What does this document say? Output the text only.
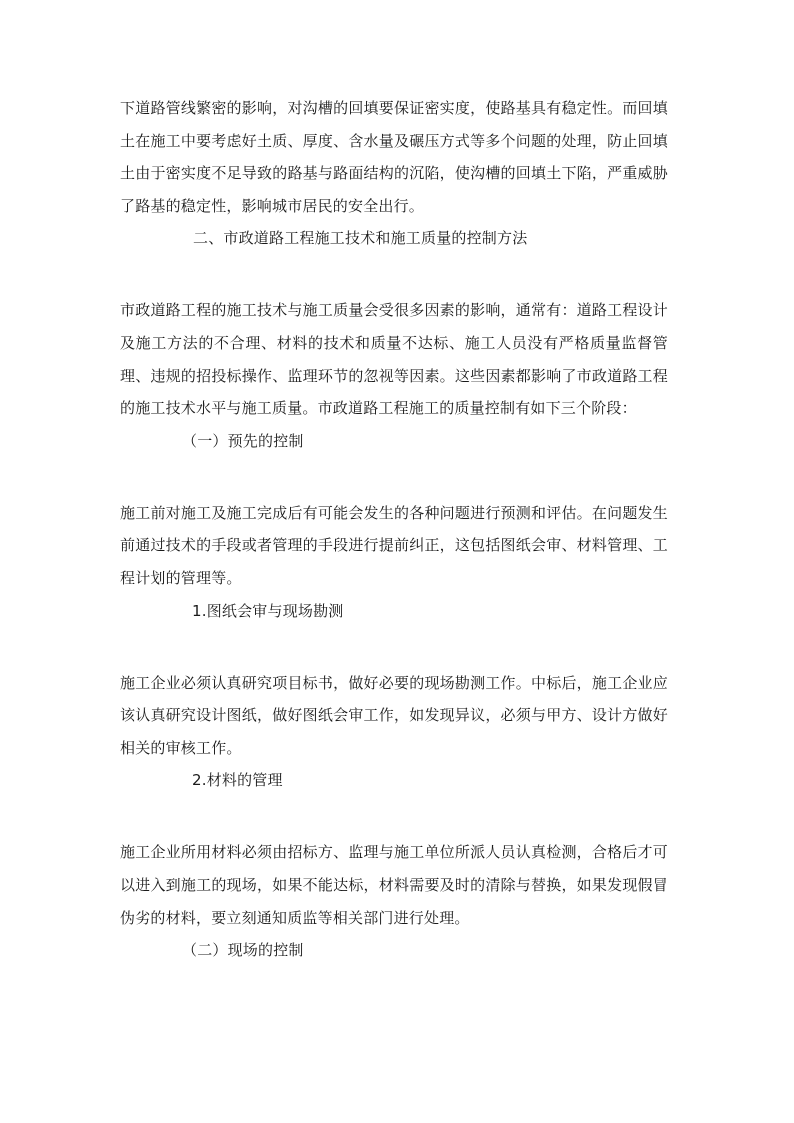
下道路管线繁密的影响，对沟槽的回填要保证密实度，使路基具有稳定性。而回填土在施工中要考虑好土质、厚度、含水量及碾压方式等多个问题的处理，防止回填土由于密实度不足导致的路基与路面结构的沉陷，使沟槽的回填土下陷，严重威胁了路基的稳定性，影响城市居民的安全出行。

二、市政道路工程施工技术和施工质量的控制方法

市政道路工程的施工技术与施工质量会受很多因素的影响，通常有：道路工程设计及施工方法的不合理、材料的技术和质量不达标、施工人员没有严格质量监督管理、违规的招投标操作、监理环节的忽视等因素。这些因素都影响了市政道路工程的施工技术水平与施工质量。市政道路工程施工的质量控制有如下三个阶段：

（一）预先的控制

施工前对施工及施工完成后有可能会发生的各种问题进行预测和评估。在问题发生前通过技术的手段或者管理的手段进行提前纠正，这包括图纸会审、材料管理、工程计划的管理等。

1.图纸会审与现场勘测

施工企业必须认真研究项目标书，做好必要的现场勘测工作。中标后，施工企业应该认真研究设计图纸，做好图纸会审工作，如发现异议，必须与甲方、设计方做好相关的审核工作。

2.材料的管理

施工企业所用材料必须由招标方、监理与施工单位所派人员认真检测，合格后才可以进入到施工的现场，如果不能达标，材料需要及时的清除与替换，如果发现假冒伪劣的材料，要立刻通知质监等相关部门进行处理。

（二）现场的控制
